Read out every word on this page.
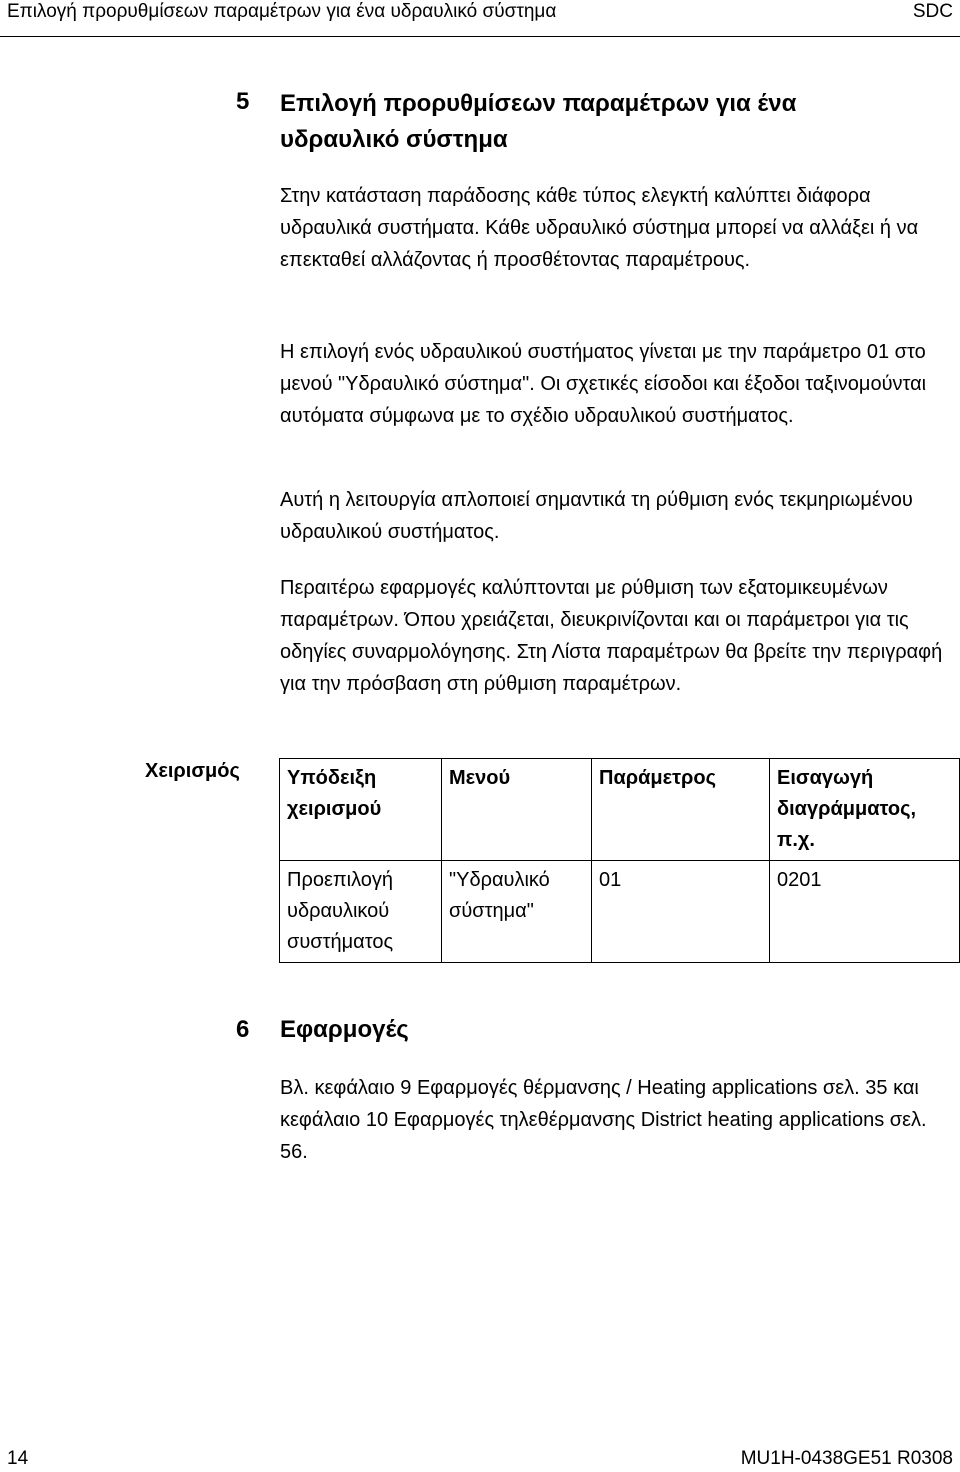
Επιλογή προρυθμίσεων παραμέτρων για ένα υδραυλικό σύστημα	SDC
5 Επιλογή προρυθμίσεων παραμέτρων για ένα υδραυλικό σύστημα

Στην κατάσταση παράδοσης κάθε τύπος ελεγκτή καλύπτει διάφορα υδραυλικά συστήματα. Κάθε υδραυλικό σύστημα μπορεί να αλλάξει ή να επεκταθεί αλλάζοντας ή προσθέτοντας παραμέτρους.

Η επιλογή ενός υδραυλικού συστήματος γίνεται με την παράμετρο 01 στο μενού "Υδραυλικό σύστημα". Οι σχετικές είσοδοι και έξοδοι ταξινομούνται αυτόματα σύμφωνα με το σχέδιο υδραυλικού συστήματος.

Αυτή η λειτουργία απλοποιεί σημαντικά τη ρύθμιση ενός τεκμηριωμένου υδραυλικού συστήματος.

Περαιτέρω εφαρμογές καλύπτονται με ρύθμιση των εξατομικευμένων παραμέτρων. Όπου χρειάζεται, διευκρινίζονται και οι παράμετροι για τις οδηγίες συναρμολόγησης. Στη Λίστα παραμέτρων θα βρείτε την περιγραφή για την πρόσβαση στη ρύθμιση παραμέτρων.

Χειρισμός Υπόδειξη χειρισμού	Μενού	Παράμετρος	Εισαγωγή διαγράμματος, π.χ.
Προεπιλογή υδραυλικού συστήματος	"Υδραυλικό σύστημα"	01	0201
6 Εφαρμογές

Βλ. κεφάλαιο 9 Εφαρμογές θέρμανσης / Heating applications σελ. 35 και κεφάλαιο 10 Εφαρμογές τηλεθέρμανσης District heating applications σελ. 56.

14	MU1H-0438GE51 R0308
